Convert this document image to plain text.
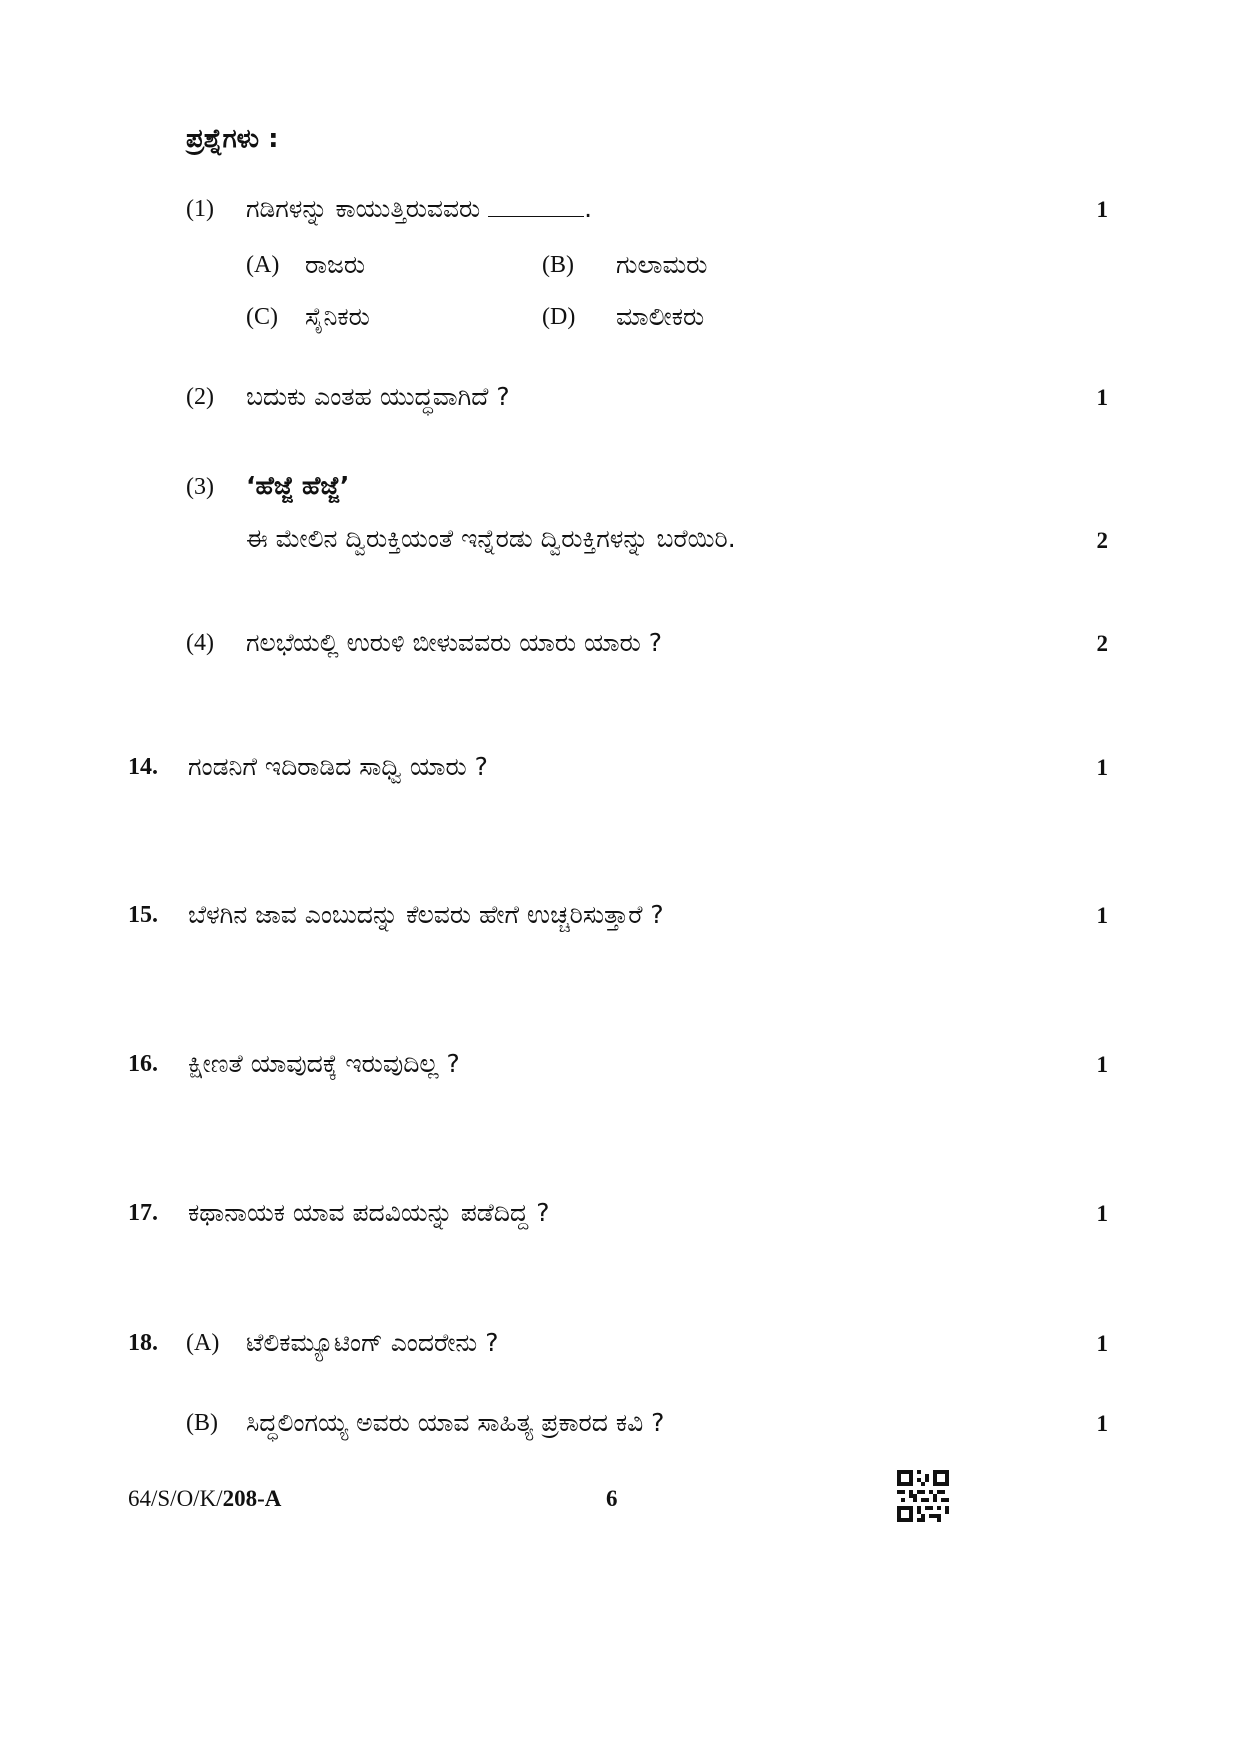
ಪ್ರಶ್ನೆಗಳು :
(1) ಗಡಿಗಳನ್ನು ಕಾಯುತ್ತಿರುವವರು	.	1
(A) ರಾಜರು	(B) ಗುಲಾಮರು
(C) ಸೈನಿಕರು	(D) ಮಾಲೀಕರು
(2) ಬದುಕು ಎಂತಹ ಯುದ್ಧವಾಗಿದೆ ?	1
(3) ‘ಹೆಜ್ಜೆ ಹೆಜ್ಜೆ’
ಈ ಮೇಲಿನ ದ್ವಿರುಕ್ತಿಯಂತೆ ಇನ್ನೆರಡು ದ್ವಿರುಕ್ತಿಗಳನ್ನು ಬರೆಯಿರಿ.	2
(4) ಗಲಭೆಯಲ್ಲಿ ಉರುಳಿ ಬೀಳುವವರು ಯಾರು ಯಾರು ?	2
14. ಗಂಡನಿಗೆ ಇದಿರಾಡಿದ ಸಾಧ್ವಿ ಯಾರು ?	1
15. ಬೆಳಗಿನ ಜಾವ ಎಂಬುದನ್ನು ಕೆಲವರು ಹೇಗೆ ಉಚ್ಚರಿಸುತ್ತಾರೆ ?	1
16. ಕ್ಷೀಣತೆ ಯಾವುದಕ್ಕೆ ಇರುವುದಿಲ್ಲ ?	1
17. ಕಥಾನಾಯಕ ಯಾವ ಪದವಿಯನ್ನು ಪಡೆದಿದ್ದ ?	1
18. (A) ಟೆಲಿಕಮ್ಯೂಟಿಂಗ್ ಎಂದರೇನು ?	1
(B) ಸಿದ್ಧಲಿಂಗಯ್ಯ ಅವರು ಯಾವ ಸಾಹಿತ್ಯ ಪ್ರಕಾರದ ಕವಿ ?	1
64/S/O/K/208-A	6
